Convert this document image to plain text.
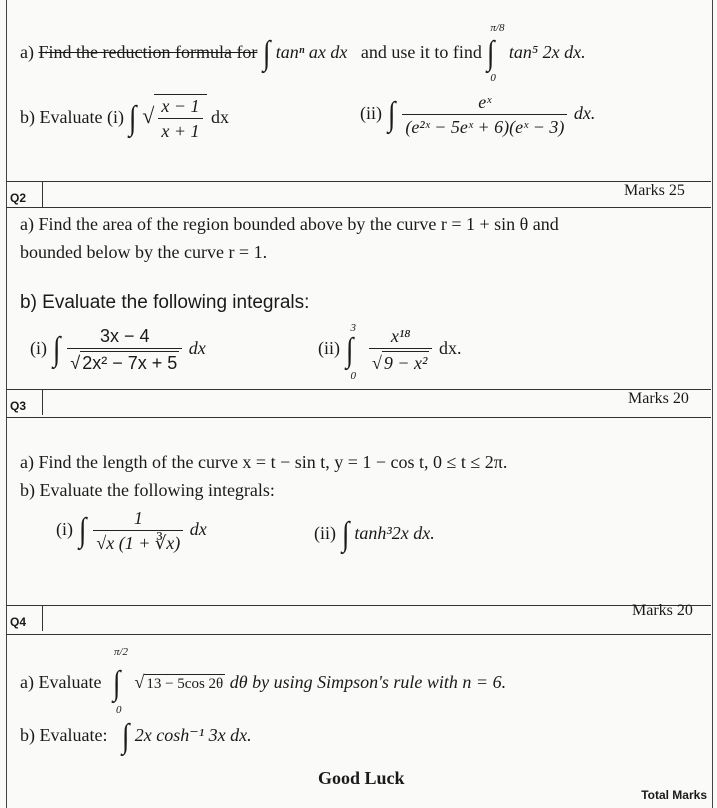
a) Find the reduction formula for ∫ tanⁿ ax dx and use it to find
π/8
∫
0
tan⁵ 2x dx.
b) Evaluate (i) ∫ √ $\frac{x - 1}{x + 1}$ dx	(ii) ∫ $\frac{\text{eˣ}}{\text{(e²ˣ − 5eˣ + 6)(eˣ − 3)}}$ dx.
Q2	Marks 25
a) Find the area of the region bounded above by the curve r = 1 + sin θ and
bounded below by the curve r = 1.
b) Evaluate the following integrals:
(i) ∫ $\frac{3x - 4}{\text{√ 2x² − 7x + 5}}$ dx	(ii)
3
∫
0

$\frac{\text{x¹⁸}}{\text{√ 9 − x²}}$ dx.
Q3	Marks 20
a) Find the length of the curve x = t − sin t, y = 1 − cos t, 0 ≤ t ≤ 2π.
b) Evaluate the following integrals:
(i) ∫ $\frac{1}{√x (1 + ∛x)}$ dx	(ii) ∫ tanh³2x dx.
Q4
Marks 20
a) Evaluate
π/2
∫
0
√ 13 − 5cos 2θ dθ by using Simpson's rule with n = 6.
b) Evaluate: ∫ 2x cosh⁻¹ 3x dx.
Good Luck
Total Marks
